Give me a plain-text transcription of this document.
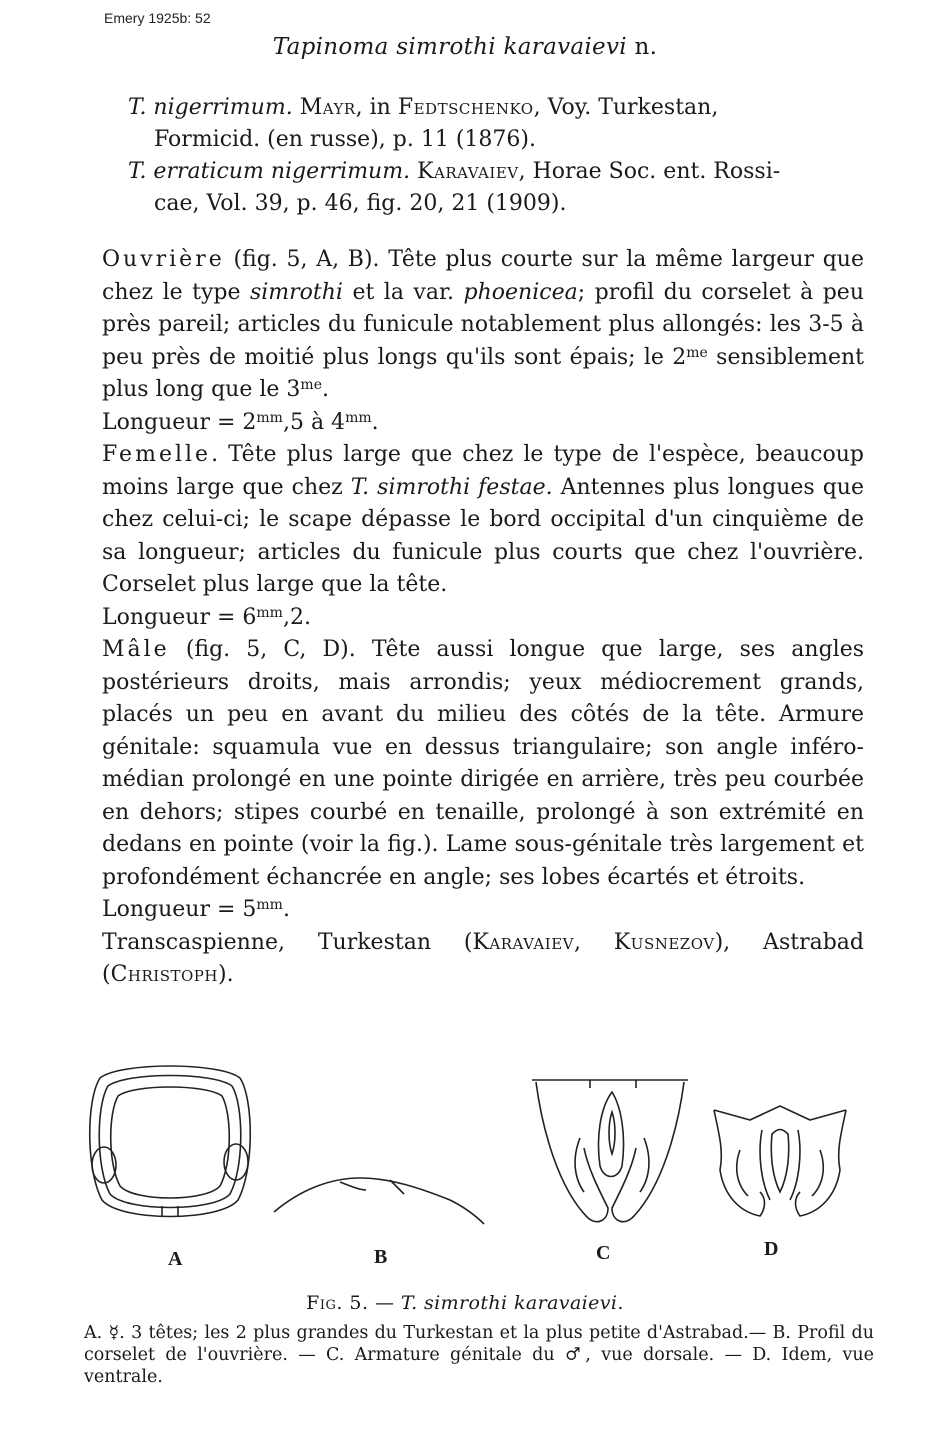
Emery 1925b: 52
Tapinoma simrothi karavaievi n.
T. nigerrimum. Mayr, in Fedtschenko, Voy. Turkestan,
Formicid. (en russe), p. 11 (1876).
T. erraticum nigerrimum. Karavaiev, Horae Soc. ent. Rossi-
cae, Vol. 39, p. 46, fig. 20, 21 (1909).

Ouvrière (fig. 5, A, B). Tête plus courte sur la même largeur que chez le type simrothi et la var. phoenicea; profil du corselet à peu près pareil; articles du funicule notablement plus allongés: les 3-5 à peu près de moitié plus longs qu'ils sont épais; le $2^{me}$ sensiblement plus long que le $3^{me}$.

Longueur = $2^{mm},5$ à $4^{mm}$.

Femelle. Tête plus large que chez le type de l'espèce, beaucoup moins large que chez T. simrothi festae. Antennes plus longues que chez celui-ci; le scape dépasse le bord occipital d'un cinquième de sa longueur; articles du funicule plus courts que chez l'ouvrière. Corselet plus large que la tête.

Longueur = $6^{mm},2$.

Mâle (fig. 5, C, D). Tête aussi longue que large, ses angles postérieurs droits, mais arrondis; yeux médiocrement grands, placés un peu en avant du milieu des côtés de la tête. Armure génitale: squamula vue en dessus triangulaire; son angle inféro-médian prolongé en une pointe dirigée en arrière, très peu courbée en dehors; stipes courbé en tenaille, prolongé à son extrémité en dedans en pointe (voir la fig.). Lame sous-génitale très largement et profondément échancrée en angle; ses lobes écartés et étroits.

Longueur = $5^{mm}$.

Transcaspienne, Turkestan (Karavaiev, Kusnezov), Astrabad (Christoph).

A	B	C	D
Fig. 5. — T. simrothi karavaievi.
A. ☿. 3 têtes; les 2 plus grandes du Turkestan et la plus petite d'Astrabad.— B. Profil du corselet de l'ouvrière. — C. Armature génitale du ♂, vue dorsale. — D. Idem, vue ventrale.
